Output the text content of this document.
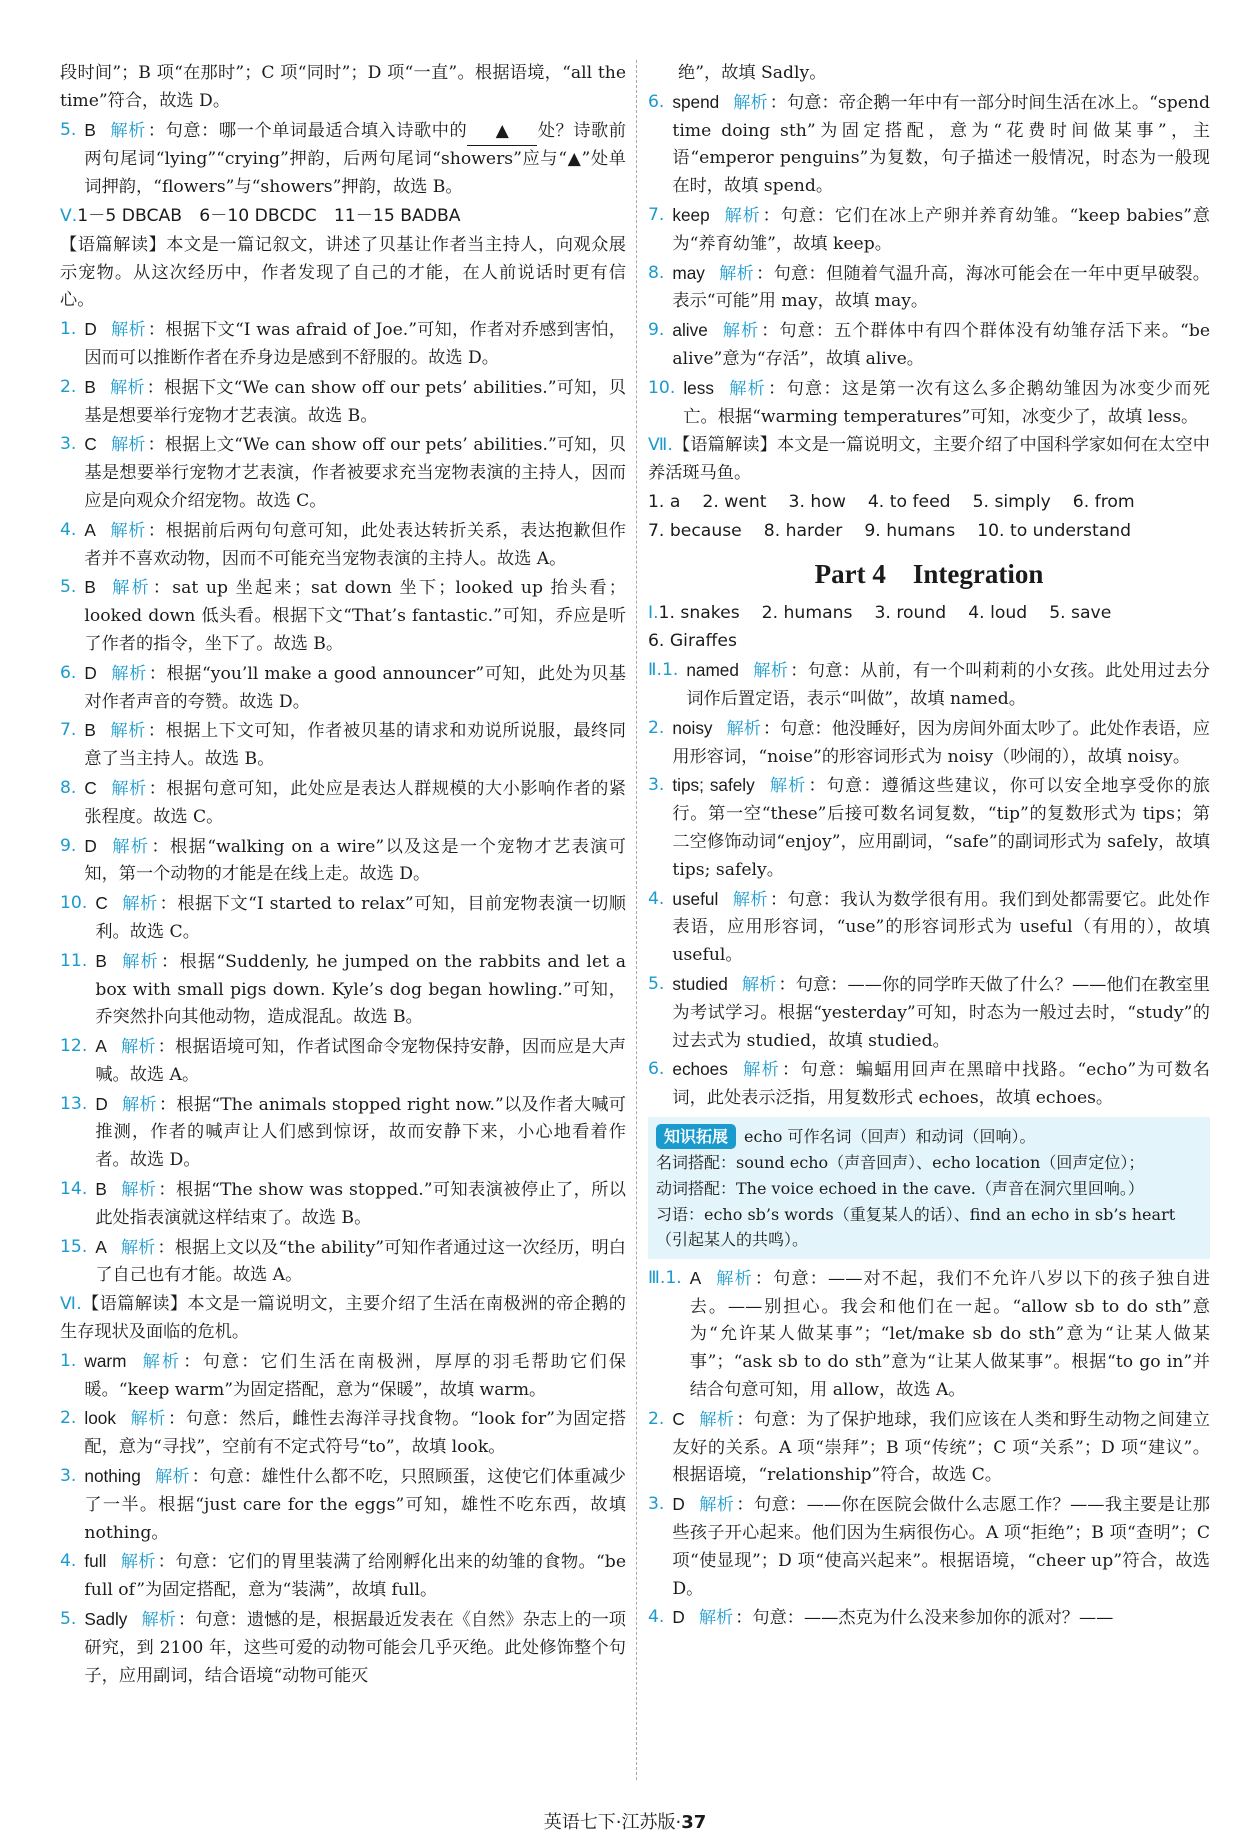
段时间”；B 项“在那时”；C 项“同时”；D 项“一直”。根据语境，“all the time”符合，故选 D。
5. B 解析 ：句意：哪一个单词最适合填入诗歌中的 ▲ 处？诗歌前两句尾词“lying”“crying”押韵，后两句尾词“showers”应与“▲”处单词押韵，“flowers”与“showers”押韵，故选 B。
Ⅴ.1－5 DBCAB　6－10 DBCDC　11－15 BADBA
【语篇解读】本文是一篇记叙文，讲述了贝基让作者当主持人，向观众展示宠物。从这次经历中，作者发现了自己的才能，在人前说话时更有信心。
1. D 解析 ：根据下文“I was afraid of Joe.”可知，作者对乔感到害怕，因而可以推断作者在乔身边是感到不舒服的。故选 D。
2. B 解析 ：根据下文“We can show off our pets’ abilities.”可知，贝基是想要举行宠物才艺表演。故选 B。
3. C 解析 ：根据上文“We can show off our pets’ abilities.”可知，贝基是想要举行宠物才艺表演，作者被要求充当宠物表演的主持人，因而应是向观众介绍宠物。故选 C。
4. A 解析 ：根据前后两句句意可知，此处表达转折关系，表达抱歉但作者并不喜欢动物，因而不可能充当宠物表演的主持人。故选 A。
5. B 解析 ：sat up 坐起来；sat down 坐下；looked up 抬头看；looked down 低头看。根据下文“That’s fantastic.”可知，乔应是听了作者的指令，坐下了。故选 B。
6. D 解析 ：根据“you’ll make a good announcer”可知，此处为贝基对作者声音的夸赞。故选 D。
7. B 解析 ：根据上下文可知，作者被贝基的请求和劝说所说服，最终同意了当主持人。故选 B。
8. C 解析 ：根据句意可知，此处应是表达人群规模的大小影响作者的紧张程度。故选 C。
9. D 解析 ：根据“walking on a wire”以及这是一个宠物才艺表演可知，第一个动物的才能是在线上走。故选 D。
10. C 解析 ：根据下文“I started to relax”可知，目前宠物表演一切顺利。故选 C。
11. B 解析 ：根据“Suddenly, he jumped on the rabbits and let a box with small pigs down. Kyle’s dog began howling.”可知，乔突然扑向其他动物，造成混乱。故选 B。
12. A 解析 ：根据语境可知，作者试图命令宠物保持安静，因而应是大声喊。故选 A。
13. D 解析 ：根据“The animals stopped right now.”以及作者大喊可推测，作者的喊声让人们感到惊讶，故而安静下来，小心地看着作者。故选 D。
14. B 解析 ：根据“The show was stopped.”可知表演被停止了，所以此处指表演就这样结束了。故选 B。
15. A 解析 ：根据上文以及“the ability”可知作者通过这一次经历，明白了自己也有才能。故选 A。
Ⅵ.【语篇解读】本文是一篇说明文，主要介绍了生活在南极洲的帝企鹅的生存现状及面临的危机。
1. warm 解析 ：句意：它们生活在南极洲，厚厚的羽毛帮助它们保暖。“keep warm”为固定搭配，意为“保暖”，故填 warm。
2. look 解析 ：句意：然后，雌性去海洋寻找食物。“look for”为固定搭配，意为“寻找”，空前有不定式符号“to”，故填 look。
3. nothing 解析 ：句意：雄性什么都不吃，只照顾蛋，这使它们体重减少了一半。根据“just care for the eggs”可知，雄性不吃东西，故填 nothing。
4. full 解析 ：句意：它们的胃里装满了给刚孵化出来的幼雏的食物。“be full of”为固定搭配，意为“装满”，故填 full。
5. Sadly 解析 ：句意：遗憾的是，根据最近发表在《自然》杂志上的一项研究，到 2100 年，这些可爱的动物可能会几乎灭绝。此处修饰整个句子，应用副词，结合语境“动物可能灭
绝”，故填 Sadly。
6. spend 解析 ：句意：帝企鹅一年中有一部分时间生活在冰上。“spend time doing sth”为固定搭配，意为“花费时间做某事”，主语“emperor penguins”为复数，句子描述一般情况，时态为一般现在时，故填 spend。
7. keep 解析 ：句意：它们在冰上产卵并养育幼雏。“keep babies”意为“养育幼雏”，故填 keep。
8. may 解析 ：句意：但随着气温升高，海冰可能会在一年中更早破裂。表示“可能”用 may，故填 may。
9. alive 解析 ：句意：五个群体中有四个群体没有幼雏存活下来。“be alive”意为“存活”，故填 alive。
10. less 解析 ：句意：这是第一次有这么多企鹅幼雏因为冰变少而死亡。根据“warming temperatures”可知，冰变少了，故填 less。
Ⅶ.【语篇解读】本文是一篇说明文，主要介绍了中国科学家如何在太空中养活斑马鱼。
1. a 2. went 3. how 4. to feed 5. simply 6. from
7. because 8. harder 9. humans 10. to understand
Part 4　Integration
Ⅰ. 1. snakes 2. humans 3. round 4. loud 5. save
6. Giraffes
Ⅱ.1. named 解析 ：句意：从前，有一个叫莉莉的小女孩。此处用过去分词作后置定语，表示“叫做”，故填 named。
2. noisy 解析 ：句意：他没睡好，因为房间外面太吵了。此处作表语，应用形容词，“noise”的形容词形式为 noisy（吵闹的），故填 noisy。
3. tips; safely 解析 ：句意：遵循这些建议，你可以安全地享受你的旅行。第一空“these”后接可数名词复数，“tip”的复数形式为 tips；第二空修饰动词“enjoy”，应用副词，“safe”的副词形式为 safely，故填 tips; safely。
4. useful 解析 ：句意：我认为数学很有用。我们到处都需要它。此处作表语，应用形容词，“use”的形容词形式为 useful（有用的），故填 useful。
5. studied 解析 ：句意：——你的同学昨天做了什么？——他们在教室里为考试学习。根据“yesterday”可知，时态为一般过去时，“study”的过去式为 studied，故填 studied。
6. echoes 解析 ：句意：蝙蝠用回声在黑暗中找路。“echo”为可数名词，此处表示泛指，用复数形式 echoes，故填 echoes。
知识拓展 echo 可作名词（回声）和动词（回响）。
名词搭配：sound echo（声音回声）、echo location（回声定位）；
动词搭配：The voice echoed in the cave.（声音在洞穴里回响。）
习语：echo sb’s words（重复某人的话）、find an echo in sb’s heart（引起某人的共鸣）。
Ⅲ.1. A 解析 ：句意：——对不起，我们不允许八岁以下的孩子独自进去。——别担心。我会和他们在一起。“allow sb to do sth”意为“允许某人做某事”；“let/make sb do sth”意为“让某人做某事”；“ask sb to do sth”意为“让某人做某事”。根据“to go in”并结合句意可知，用 allow，故选 A。
2. C 解析 ：句意：为了保护地球，我们应该在人类和野生动物之间建立友好的关系。A 项“崇拜”；B 项“传统”；C 项“关系”；D 项“建议”。根据语境，“relationship”符合，故选 C。
3. D 解析 ：句意：——你在医院会做什么志愿工作？——我主要是让那些孩子开心起来。他们因为生病很伤心。A 项“拒绝”；B 项“查明”；C 项“使显现”；D 项“使高兴起来”。根据语境，“cheer up”符合，故选 D。
4. D 解析 ：句意：——杰克为什么没来参加你的派对？——
英语七下·江苏版·37
